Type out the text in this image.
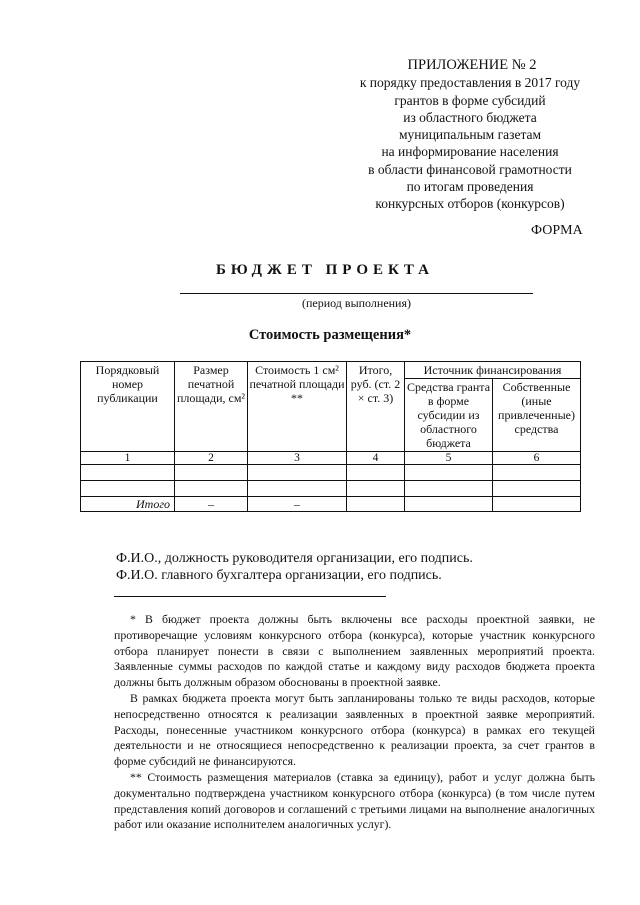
ПРИЛОЖЕНИЕ № 2
к порядку предоставления в 2017 году
грантов в форме субсидий
из областного бюджета
муниципальным газетам
на информирование населения
в области финансовой грамотности
по итогам проведения
конкурсных отборов (конкурсов)
ФОРМА
БЮДЖЕТ ПРОЕКТА
(период выполнения)
Стоимость размещения*
Порядковый номер публикации	Размер печатной площади, см²	Стоимость 1 см² печатной площади **	Итого, руб. (ст. 2 × ст. 3)	Источник финансирования	
				Средства гранта в форме субсидии из областного бюджета	Собственные (иные привлеченные) средства
1	2	3	4	5	6

Итого	–	–			
Ф.И.О., должность руководителя организации, его подпись.
Ф.И.О. главного бухгалтера организации, его подпись.

* В бюджет проекта должны быть включены все расходы проектной заявки, не противоречащие условиям конкурсного отбора (конкурса), которые участник конкурсного отбора планирует понести в связи с выполнением заявленных мероприятий проекта. Заявленные суммы расходов по каждой статье и каждому виду расходов бюджета проекта должны быть должным образом обоснованы в проектной заявке.

В рамках бюджета проекта могут быть запланированы только те виды расходов, которые непосредственно относятся к реализации заявленных в проектной заявке мероприятий. Расходы, понесенные участником конкурсного отбора (конкурса) в рамках его текущей деятельности и не относящиеся непосредственно к реализации проекта, за счет грантов в форме субсидий не финансируются.

** Стоимость размещения материалов (ставка за единицу), работ и услуг должна быть документально подтверждена участником конкурсного отбора (конкурса) (в том числе путем представления копий договоров и соглашений с третьими лицами на выполнение аналогичных работ или оказание исполнителем аналогичных услуг).
